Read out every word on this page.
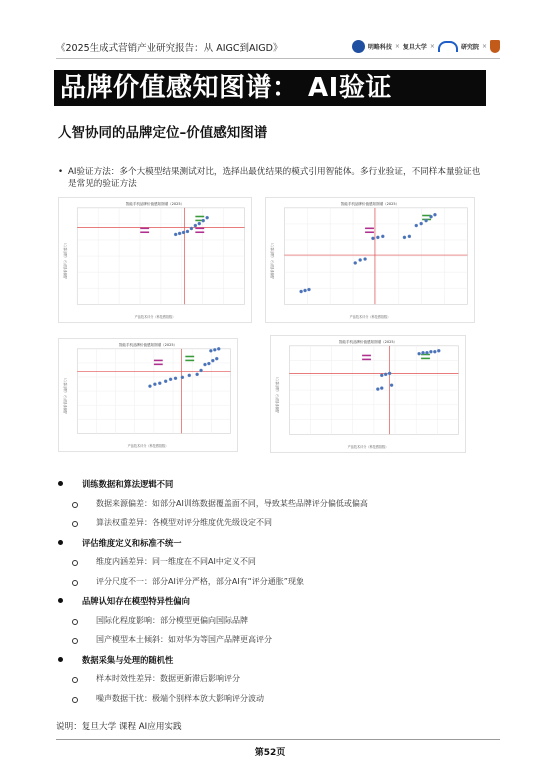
《2025生成式营销产业研究报告：从 AIGC到AIGD》	明略科技 × 复旦大学 ×	研究院 ×
品牌价值感知图谱： AI验证
人智协同的品牌定位–价值感知图谱
• AI验证方法：多个大模型结果测试对比，选择出最优结果的模式引用智能体。多行业验证，不同样本量验证也是常见的验证方法
智能手机品牌价值感知图谱（2025）
产品技术评分（科技感指数）
品牌价值评分（溢价能力）
智能手机品牌价值感知图谱（2025）
产品技术评分（科技感指数）
品牌价值评分（溢价能力）
智能手机品牌价值感知图谱（2025）
产品技术评分（科技感指数）
品牌价值评分（溢价能力）
智能手机品牌价值感知图谱（2025）
产品技术评分（科技感指数）
品牌价值评分（溢价能力）
训练数据和算法逻辑不同
数据来源偏差：如部分AI训练数据覆盖面不同，导致某些品牌评分偏低或偏高
算法权重差异：各模型对评分维度优先级设定不同
评估维度定义和标准不统一
维度内涵差异：同一维度在不同AI中定义不同
评分尺度不一：部分AI评分严格，部分AI有“评分通胀”现象
品牌认知存在模型特异性偏向
国际化程度影响：部分模型更偏向国际品牌
国产模型本土倾斜：如对华为等国产品牌更高评分
数据采集与处理的随机性
样本时效性差异：数据更新滞后影响评分
噪声数据干扰：极端个别样本放大影响评分波动
说明：复旦大学 课程 AI应用实践
第52页
